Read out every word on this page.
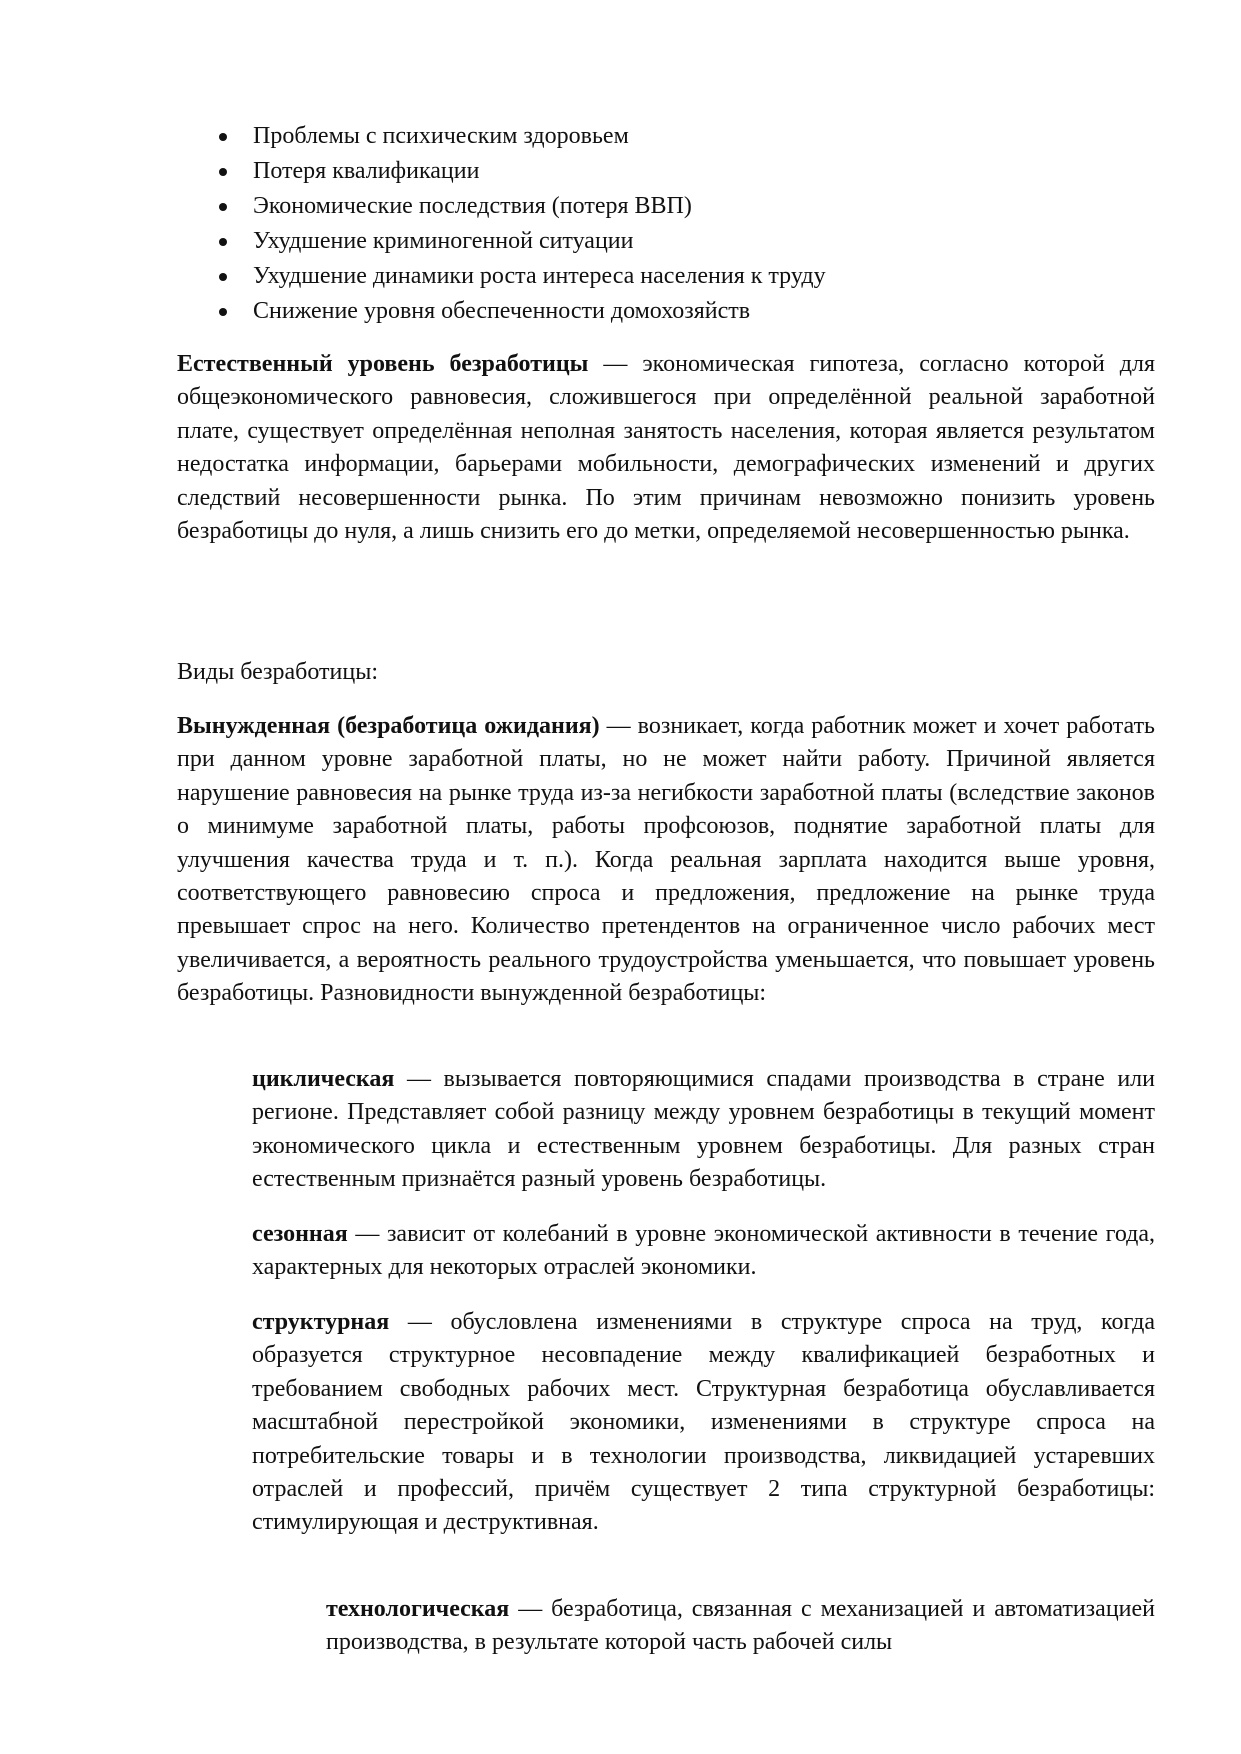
Проблемы с психическим здоровьем
Потеря квалификации
Экономические последствия (потеря ВВП)
Ухудшение криминогенной ситуации
Ухудшение динамики роста интереса населения к труду
Снижение уровня обеспеченности домохозяйств

Естественный уровень безработицы — экономическая гипотеза, согласно которой для общеэкономического равновесия, сложившегося при определённой реальной заработной плате, существует определённая неполная занятость населения, которая является результатом недостатка информации, барьерами мобильности, демографических изменений и других следствий несовершенности рынка. По этим причинам невозможно понизить уровень безработицы до нуля, а лишь снизить его до метки, определяемой несовершенностью рынка.

Виды безработицы:

Вынужденная (безработица ожидания) — возникает, когда работник может и хочет работать при данном уровне заработной платы, но не может найти работу. Причиной является нарушение равновесия на рынке труда из-за негибкости заработной платы (вследствие законов о минимуме заработной платы, работы профсоюзов, поднятие заработной платы для улучшения качества труда и т. п.). Когда реальная зарплата находится выше уровня, соответствующего равновесию спроса и предложения, предложение на рынке труда превышает спрос на него. Количество претендентов на ограниченное число рабочих мест увеличивается, а вероятность реального трудоустройства уменьшается, что повышает уровень безработицы. Разновидности вынужденной безработицы:

циклическая — вызывается повторяющимися спадами производства в стране или регионе. Представляет собой разницу между уровнем безработицы в текущий момент экономического цикла и естественным уровнем безработицы. Для разных стран естественным признаётся разный уровень безработицы.

сезонная — зависит от колебаний в уровне экономической активности в течение года, характерных для некоторых отраслей экономики.

структурная — обусловлена изменениями в структуре спроса на труд, когда образуется структурное несовпадение между квалификацией безработных и требованием свободных рабочих мест. Структурная безработица обуславливается масштабной перестройкой экономики, изменениями в структуре спроса на потребительские товары и в технологии производства, ликвидацией устаревших отраслей и профессий, причём существует 2 типа структурной безработицы: стимулирующая и деструктивная.

технологическая — безработица, связанная с механизацией и автоматизацией производства, в результате которой часть рабочей силы
